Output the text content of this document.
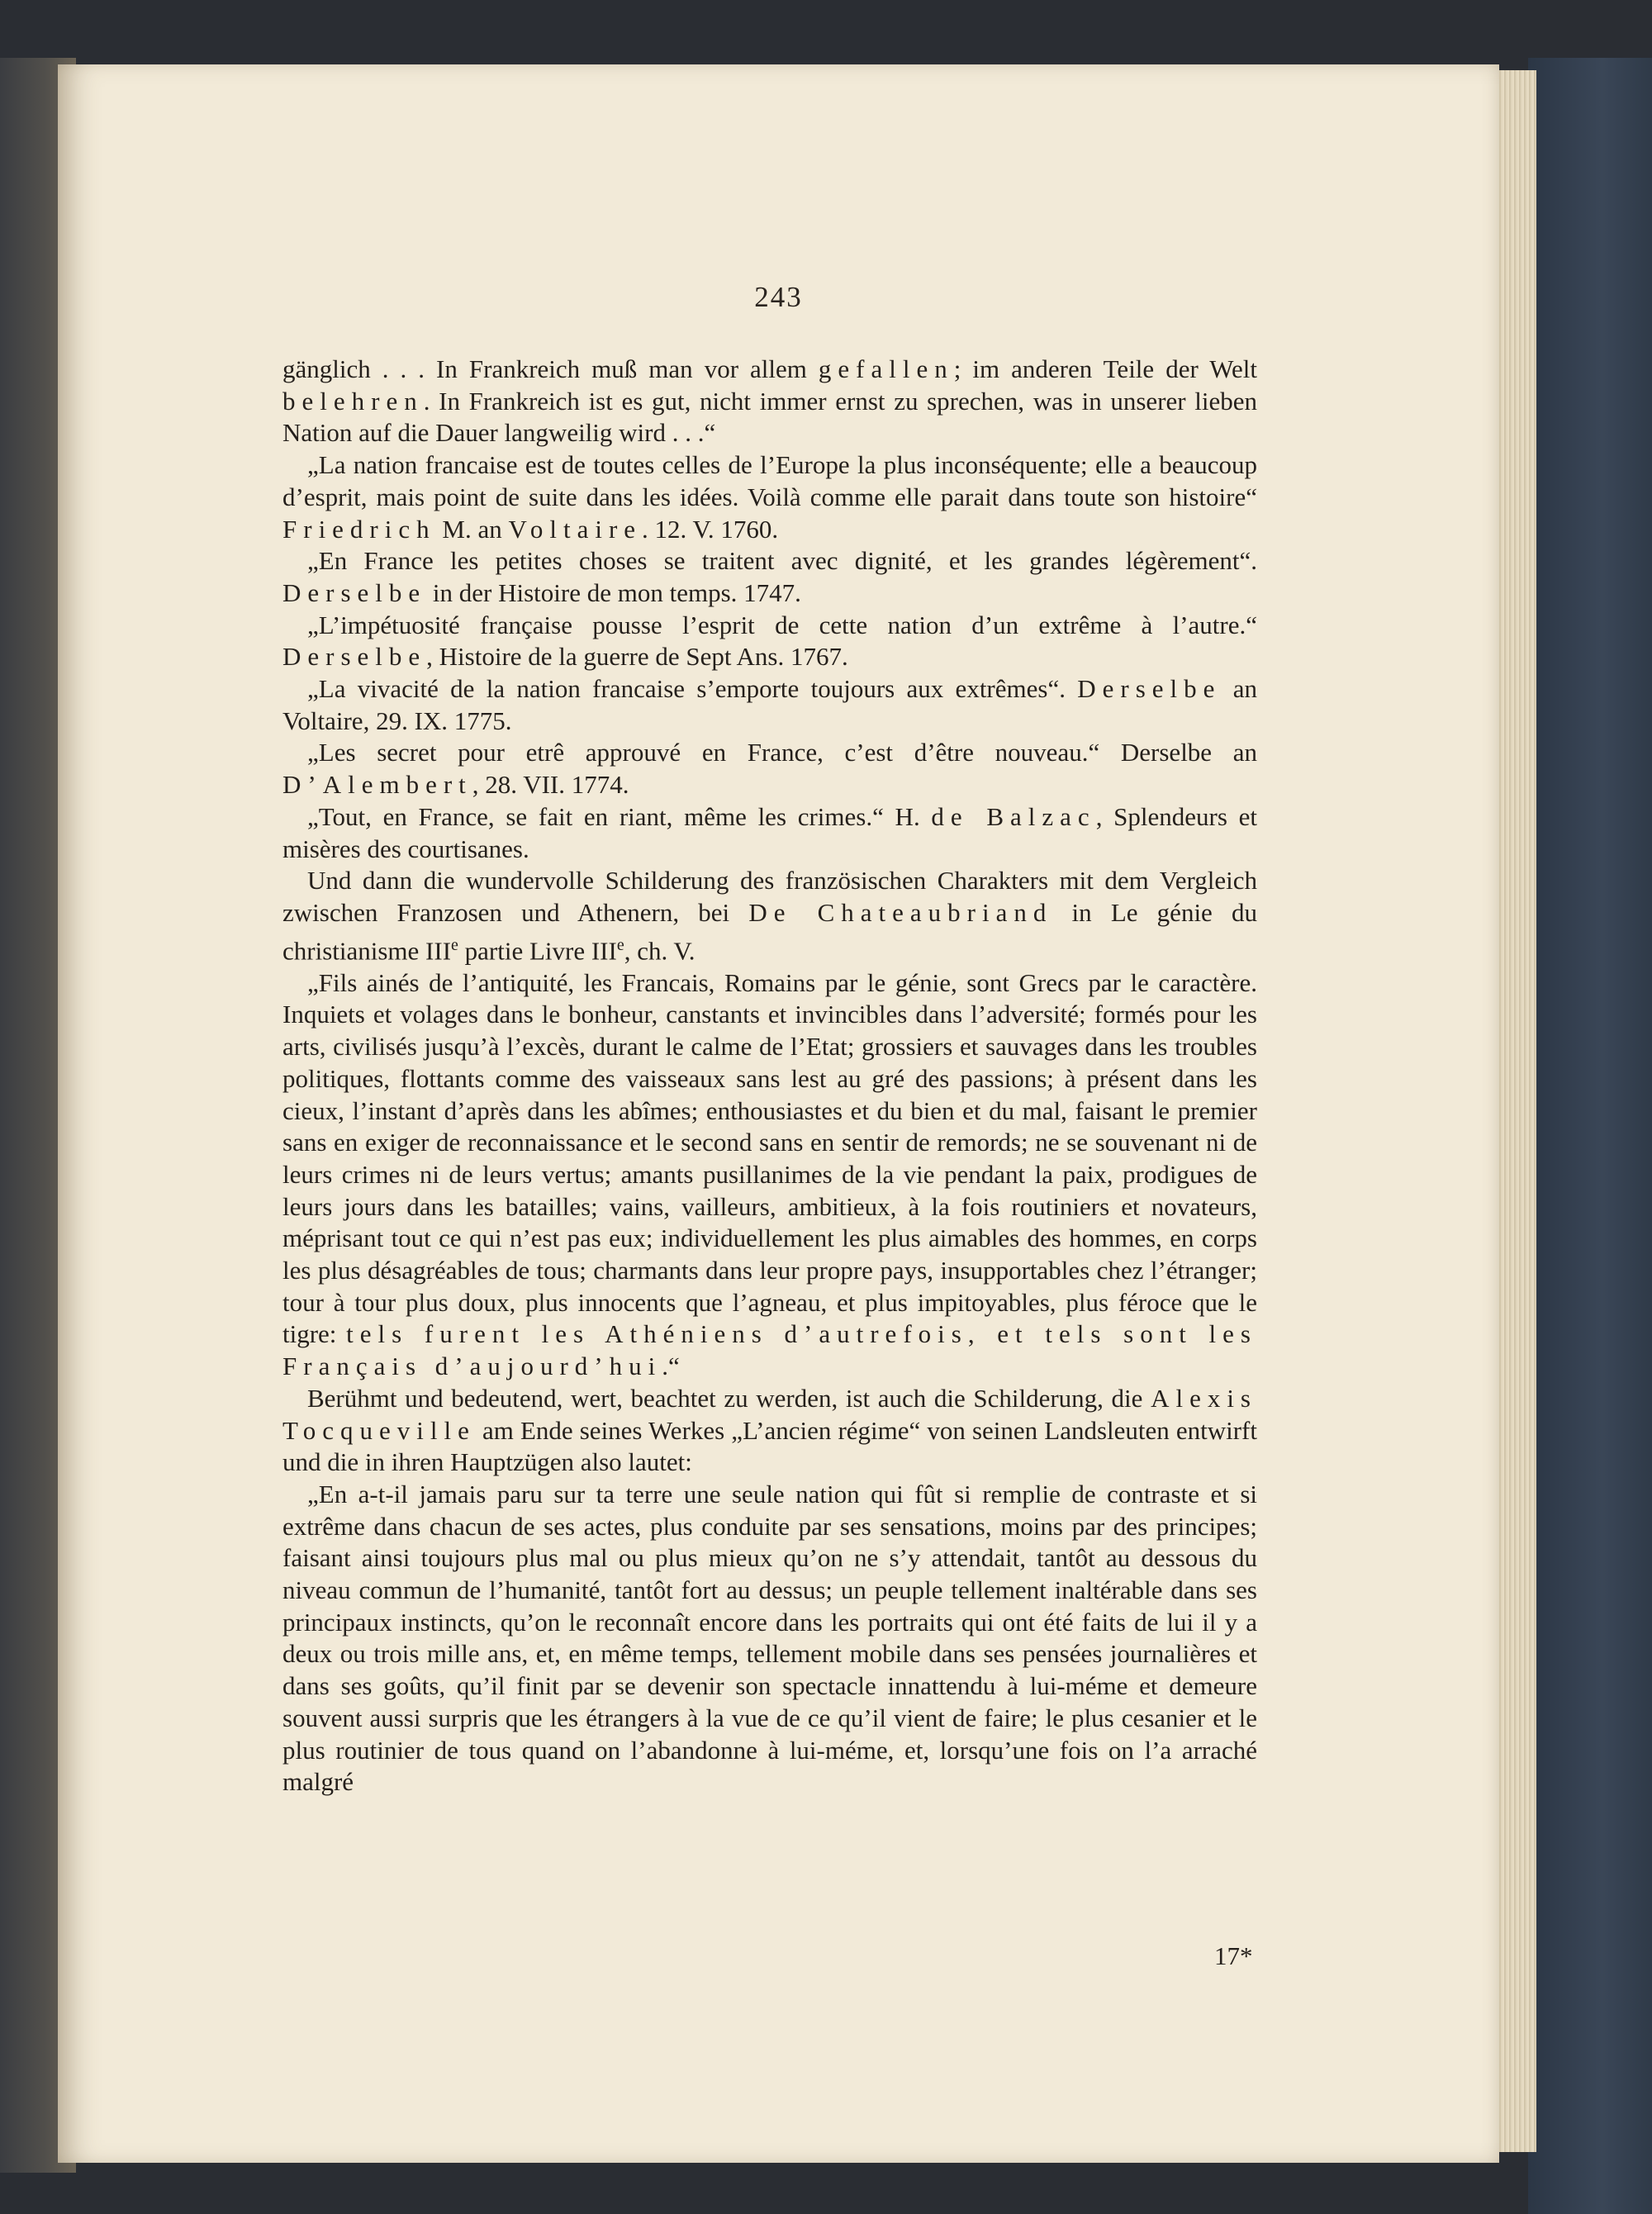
243

gänglich . . . In Frankreich muß man vor allem gefallen; im anderen Teile der Welt belehren. In Frankreich ist es gut, nicht immer ernst zu sprechen, was in unserer lieben Nation auf die Dauer langweilig wird . . .“

„La nation francaise est de toutes celles de l’Europe la plus inconséquente; elle a beaucoup d’esprit, mais point de suite dans les idées. Voilà comme elle parait dans toute son histoire“ Friedrich M. an Voltaire. 12. V. 1760.

„En France les petites choses se traitent avec dignité, et les grandes légèrement“. Derselbe in der Histoire de mon temps. 1747.

„L’impétuosité française pousse l’esprit de cette nation d’un extrême à l’autre.“ Derselbe, Histoire de la guerre de Sept Ans. 1767.

„La vivacité de la nation francaise s’emporte toujours aux extrêmes“. Derselbe an Voltaire, 29. IX. 1775.

„Les secret pour etrê approuvé en France, c’est d’être nouveau.“ Derselbe an D’Alembert, 28. VII. 1774.

„Tout, en France, se fait en riant, même les crimes.“ H. de Balzac, Splendeurs et misères des courtisanes.

Und dann die wundervolle Schilderung des französischen Charakters mit dem Vergleich zwischen Franzosen und Athenern, bei De Chateaubriand in Le génie du christianisme IIIe partie Livre IIIe, ch. V.

„Fils ainés de l’antiquité, les Francais, Romains par le génie, sont Grecs par le caractère. Inquiets et volages dans le bonheur, canstants et invincibles dans l’adversité; formés pour les arts, civilisés jusqu’à l’excès, durant le calme de l’Etat; grossiers et sauvages dans les troubles politiques, flottants comme des vaisseaux sans lest au gré des passions; à présent dans les cieux, l’instant d’après dans les abîmes; enthousiastes et du bien et du mal, faisant le premier sans en exiger de reconnaissance et le second sans en sentir de remords; ne se souvenant ni de leurs crimes ni de leurs vertus; amants pusillanimes de la vie pendant la paix, prodigues de leurs jours dans les batailles; vains, vailleurs, ambitieux, à la fois routiniers et novateurs, méprisant tout ce qui n’est pas eux; individuellement les plus aimables des hommes, en corps les plus désagréables de tous; charmants dans leur propre pays, insupportables chez l’étranger; tour à tour plus doux, plus innocents que l’agneau, et plus impitoyables, plus féroce que le tigre: tels furent les Athéniens d’autrefois, et tels sont les Français d’aujourd’hui.“

Berühmt und bedeutend, wert, beachtet zu werden, ist auch die Schilderung, die Alexis Tocqueville am Ende seines Werkes „L’ancien régime“ von seinen Landsleuten entwirft und die in ihren Hauptzügen also lautet:

„En a-t-il jamais paru sur ta terre une seule nation qui fût si remplie de contraste et si extrême dans chacun de ses actes, plus conduite par ses sensations, moins par des principes; faisant ainsi toujours plus mal ou plus mieux qu’on ne s’y attendait, tantôt au dessous du niveau commun de l’humanité, tantôt fort au dessus; un peuple tellement inaltérable dans ses principaux instincts, qu’on le reconnaît encore dans les portraits qui ont été faits de lui il y a deux ou trois mille ans, et, en même temps, tellement mobile dans ses pensées journalières et dans ses goûts, qu’il finit par se devenir son spectacle innattendu à lui-méme et demeure souvent aussi surpris que les étrangers à la vue de ce qu’il vient de faire; le plus cesanier et le plus routinier de tous quand on l’abandonne à lui-méme, et, lorsqu’une fois on l’a arraché malgré

17*
